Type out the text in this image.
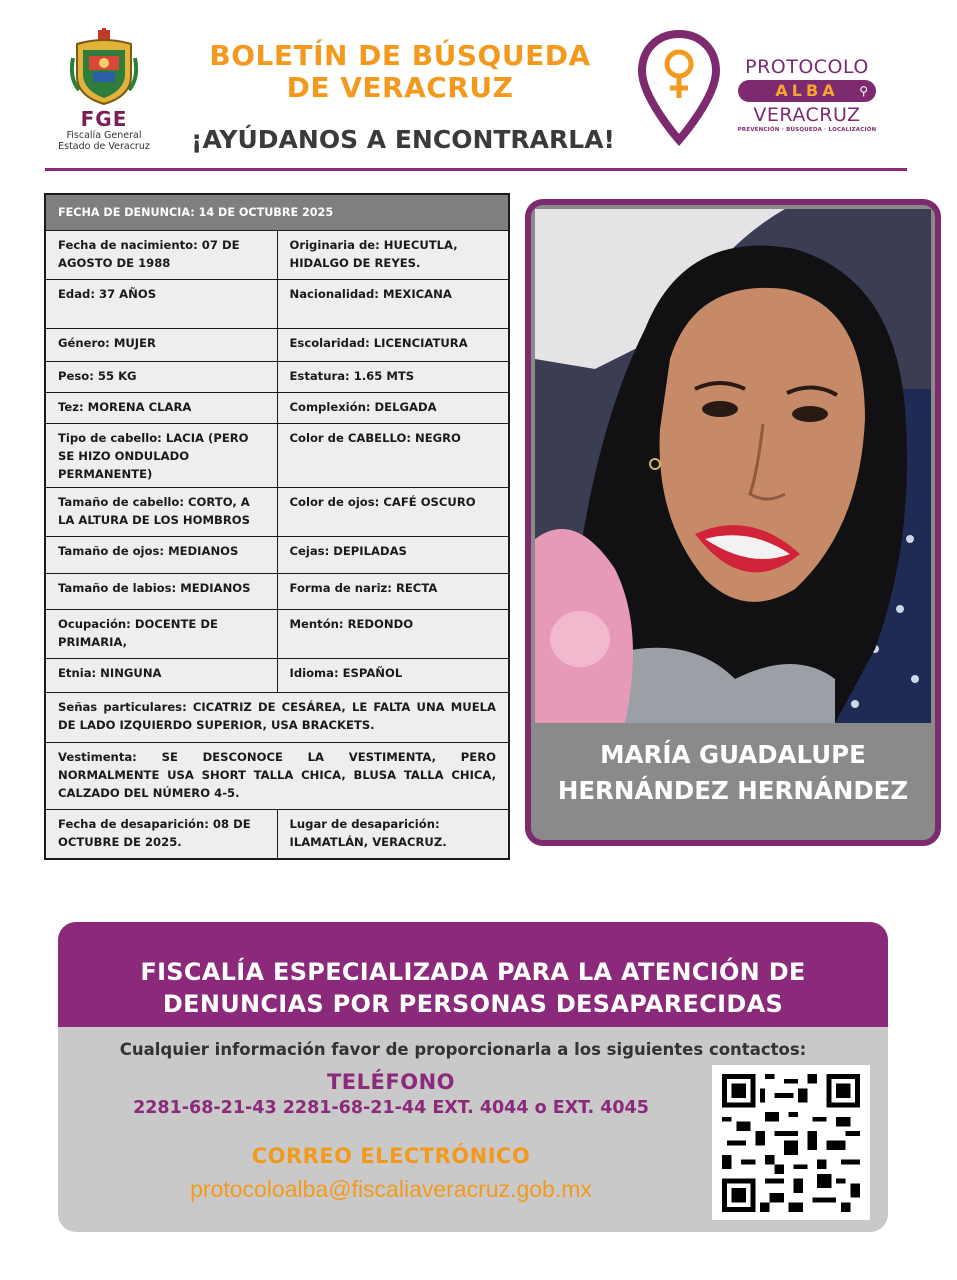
FGE
Fiscalía General
Estado de Veracruz
BOLETÍN DE BÚSQUEDA
DE VERACRUZ
¡AYÚDANOS A ENCONTRARLA!
PROTOCOLO
ALBA ⚲
VERACRUZ
PREVENCIÓN · BÚSQUEDA · LOCALIZACIÓN
FECHA DE DENUNCIA: 14 DE OCTUBRE 2025	
Fecha de nacimiento: 07 DE AGOSTO DE 1988	Originaria de: HUECUTLA, HIDALGO DE REYES.
Edad: 37 AÑOS	Nacionalidad: MEXICANA
Género: MUJER	Escolaridad: LICENCIATURA
Peso: 55 KG	Estatura: 1.65 MTS
Tez: MORENA CLARA	Complexión: DELGADA
Tipo de cabello: LACIA (PERO SE HIZO ONDULADO PERMANENTE)	Color de CABELLO: NEGRO
Tamaño de cabello: CORTO, A LA ALTURA DE LOS HOMBROS	Color de ojos: CAFÉ OSCURO
Tamaño de ojos: MEDIANOS	Cejas: DEPILADAS
Tamaño de labios: MEDIANOS	Forma de nariz: RECTA
Ocupación: DOCENTE DE PRIMARIA,	Mentón: REDONDO
Etnia: NINGUNA	Idioma: ESPAÑOL
Señas particulares: CICATRIZ DE CESÁREA, LE FALTA UNA MUELA DE LADO IZQUIERDO SUPERIOR, USA BRACKETS.	
Vestimenta: SE DESCONOCE LA VESTIMENTA, PERO NORMALMENTE USA SHORT TALLA CHICA, BLUSA TALLA CHICA, CALZADO DEL NÚMERO 4-5.	
Fecha de desaparición: 08 DE OCTUBRE DE 2025.	Lugar de desaparición: ILAMATLÁN, VERACRUZ.
MARÍA GUADALUPE
HERNÁNDEZ HERNÁNDEZ
FISCALÍA ESPECIALIZADA PARA LA ATENCIÓN DE
DENUNCIAS POR PERSONAS DESAPARECIDAS
Cualquier información favor de proporcionarla a los siguientes contactos:
TELÉFONO
2281-68-21-43 2281-68-21-44 EXT. 4044 o EXT. 4045
CORREO ELECTRÓNICO
protocoloalba@fiscaliaveracruz.gob.mx
